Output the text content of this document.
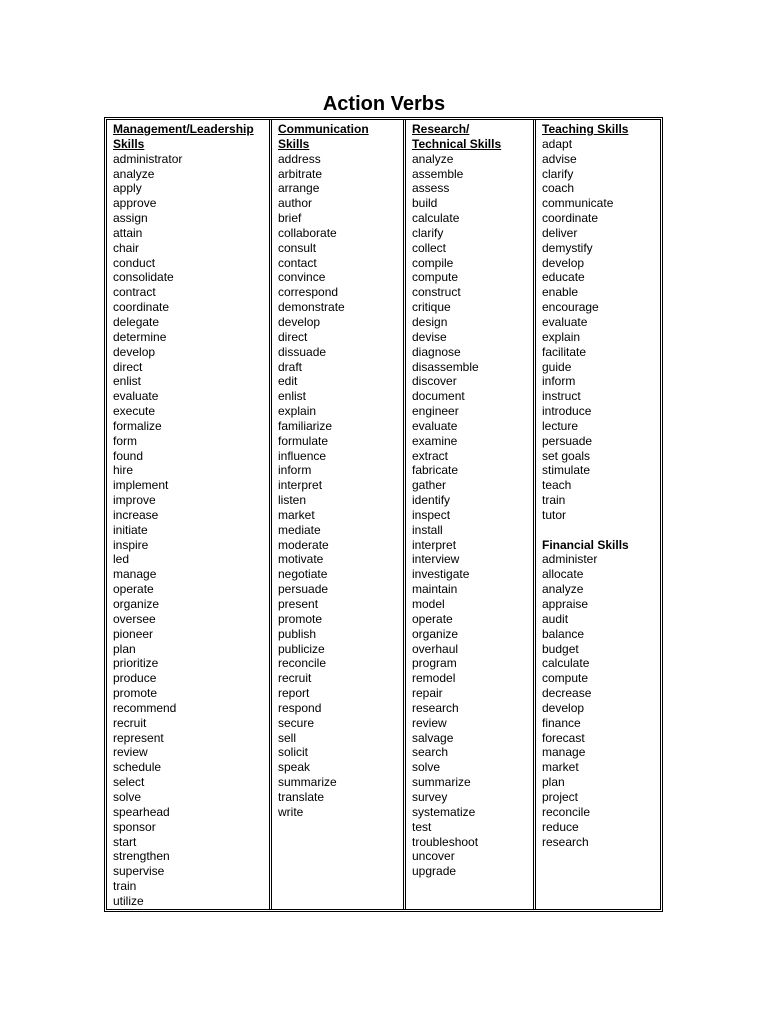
Action Verbs
Management/Leadership
Skills
administrator
analyze
apply
approve
assign
attain
chair
conduct
consolidate
contract
coordinate
delegate
determine
develop
direct
enlist
evaluate
execute
formalize
form
found
hire
implement
improve
increase
initiate
inspire
led
manage
operate
organize
oversee
pioneer
plan
prioritize
produce
promote
recommend
recruit
represent
review
schedule
select
solve
spearhead
sponsor
start
strengthen
supervise
train
utilize
Communication
Skills
address
arbitrate
arrange
author
brief
collaborate
consult
contact
convince
correspond
demonstrate
develop
direct
dissuade
draft
edit
enlist
explain
familiarize
formulate
influence
inform
interpret
listen
market
mediate
moderate
motivate
negotiate
persuade
present
promote
publish
publicize
reconcile
recruit
report
respond
secure
sell
solicit
speak
summarize
translate
write
Research/
Technical Skills
analyze
assemble
assess
build
calculate
clarify
collect
compile
compute
construct
critique
design
devise
diagnose
disassemble
discover
document
engineer
evaluate
examine
extract
fabricate
gather
identify
inspect
install
interpret
interview
investigate
maintain
model
operate
organize
overhaul
program
remodel
repair
research
review
salvage
search
solve
summarize
survey
systematize
test
troubleshoot
uncover
upgrade
Teaching Skills
adapt
advise
clarify
coach
communicate
coordinate
deliver
demystify
develop
educate
enable
encourage
evaluate
explain
facilitate
guide
inform
instruct
introduce
lecture
persuade
set goals
stimulate
teach
train
tutor
Financial Skills
administer
allocate
analyze
appraise
audit
balance
budget
calculate
compute
decrease
develop
finance
forecast
manage
market
plan
project
reconcile
reduce
research
